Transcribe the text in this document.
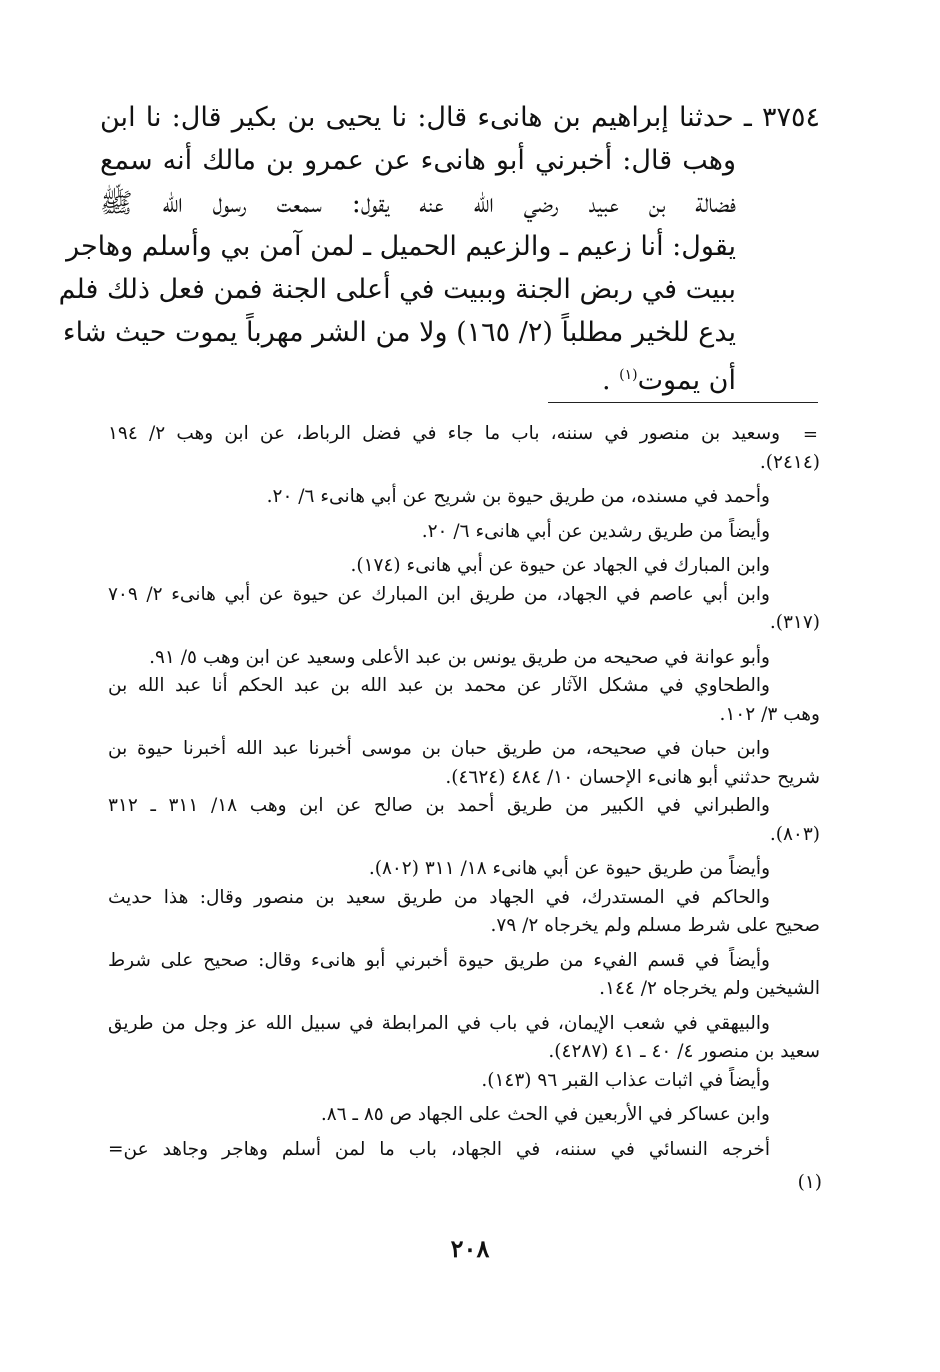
٣٧٥٤ ـ حدثنا إبراهيم بن هانىء قال: نا يحيى بن بكير قال: نا ابن
وهب قال: أخبرني أبو هانىء عن عمرو بن مالك أنه سمع
فضالة بن عبيد رضي الله عنه يقول: سمعت رسول الله ﷺ
يقول: أنا زعيم ـ والزعيم الحميل ـ لمن آمن بي وأسلم وهاجر
ببيت في ربض الجنة وببيت في أعلى الجنة فمن فعل ذلك فلم
يدع للخير مطلباً (٢/ ١٦٥) ولا من الشر مهرباً يموت حيث شاء
أن يموت$^{(١)}$ .
=
وسعيد بن منصور في سننه، باب ما جاء في فضل الرباط، عن ابن وهب ٢/ ١٩٤
(٢٤١٤).
وأحمد في مسنده، من طريق حيوة بن شريح عن أبي هانىء ٦/ ٢٠.
وأيضاً من طريق رشدين عن أبي هانىء ٦/ ٢٠.
وابن المبارك في الجهاد عن حيوة عن أبي هانىء (١٧٤).
وابن أبي عاصم في الجهاد، من طريق ابن المبارك عن حيوة عن أبي هانىء ٢/ ٧٠٩
(٣١٧).
وأبو عوانة في صحيحه من طريق يونس بن عبد الأعلى وسعيد عن ابن وهب ٥/ ٩١.
والطحاوي في مشكل الآثار عن محمد بن عبد الله بن عبد الحكم أنا عبد الله بن
وهب ٣/ ١٠٢.
وابن حبان في صحيحه، من طريق حبان بن موسى أخبرنا عبد الله أخبرنا حيوة بن
شريح حدثني أبو هانىء الإحسان ١٠/ ٤٨٤ (٤٦٢٤).
والطبراني في الكبير من طريق أحمد بن صالح عن ابن وهب ١٨/ ٣١١ ـ ٣١٢
(٨٠٣).
وأيضاً من طريق حيوة عن أبي هانىء ١٨/ ٣١١ (٨٠٢).
والحاكم في المستدرك، في الجهاد من طريق سعيد بن منصور وقال: هذا حديث
صحيح على شرط مسلم ولم يخرجاه ٢/ ٧٩.
وأيضاً في قسم الفيء من طريق حيوة أخبرني أبو هانىء وقال: صحيح على شرط
الشيخين ولم يخرجاه ٢/ ١٤٤.
والبيهقي في شعب الإيمان، في باب في المرابطة في سبيل الله عز وجل من طريق
سعيد بن منصور ٤/ ٤٠ ـ ٤١ (٤٢٨٧).
وأيضاً في اثبات عذاب القبر ٩٦ (١٤٣).
وابن عساكر في الأربعين في الحث على الجهاد ص ٨٥ ـ ٨٦.
أخرجه النسائي في سننه، في الجهاد، باب ما لمن أسلم وهاجر وجاهد عن=
(١)
٢٠٨
